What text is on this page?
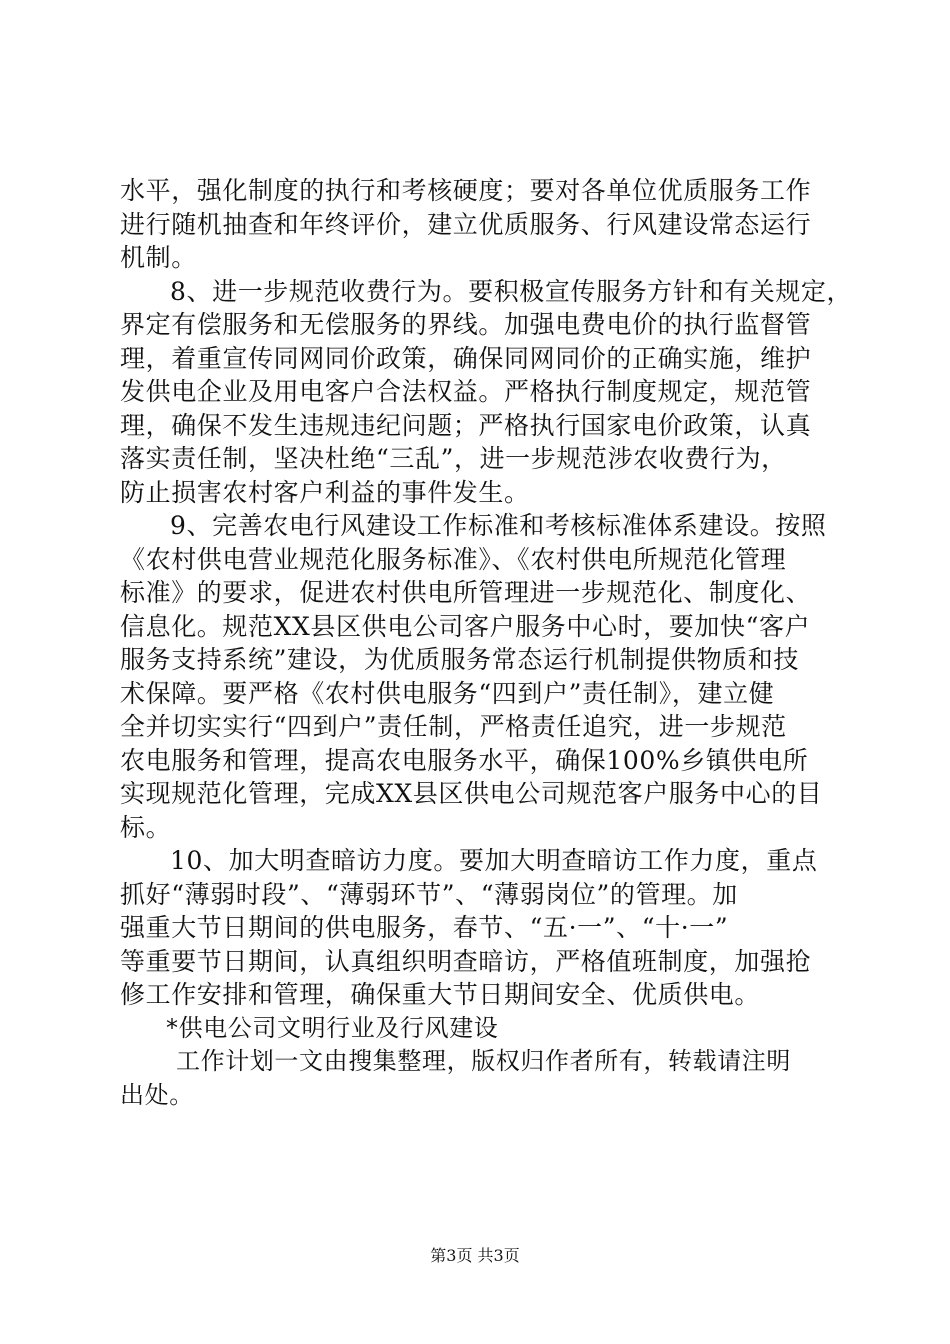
水平，强化制度的执行和考核硬度；要对各单位优质服务工作
进行随机抽查和年终评价，建立优质服务、行风建设常态运行
机制。
8、进一步规范收费行为。要积极宣传服务方针和有关规定，
界定有偿服务和无偿服务的界线。加强电费电价的执行监督管
理，着重宣传同网同价政策，确保同网同价的正确实施，维护
发供电企业及用电客户合法权益。严格执行制度规定，规范管
理，确保不发生违规违纪问题；严格执行国家电价政策，认真
落实责任制，坚决杜绝“三乱”，进一步规范涉农收费行为，
防止损害农村客户利益的事件发生。
9、完善农电行风建设工作标准和考核标准体系建设。按照
《农村供电营业规范化服务标准》、《农村供电所规范化管理
标准》的要求，促进农村供电所管理进一步规范化、制度化、
信息化。规范XX县区供电公司客户服务中心时，要加快“客户
服务支持系统”建设，为优质服务常态运行机制提供物质和技
术保障。要严格《农村供电服务“四到户”责任制》，建立健
全并切实实行“四到户”责任制，严格责任追究，进一步规范
农电服务和管理，提高农电服务水平，确保100%乡镇供电所
实现规范化管理，完成XX县区供电公司规范客户服务中心的目
标。
10、加大明查暗访力度。要加大明查暗访工作力度，重点
抓好“薄弱时段”、“薄弱环节”、“薄弱岗位”的管理。加
强重大节日期间的供电服务，春节、“五·一”、“十·一”
等重要节日期间，认真组织明查暗访，严格值班制度，加强抢
修工作安排和管理，确保重大节日期间安全、优质供电。
*供电公司文明行业及行风建设
工作计划一文由搜集整理，版权归作者所有，转载请注明
出处。
第3页 共3页
